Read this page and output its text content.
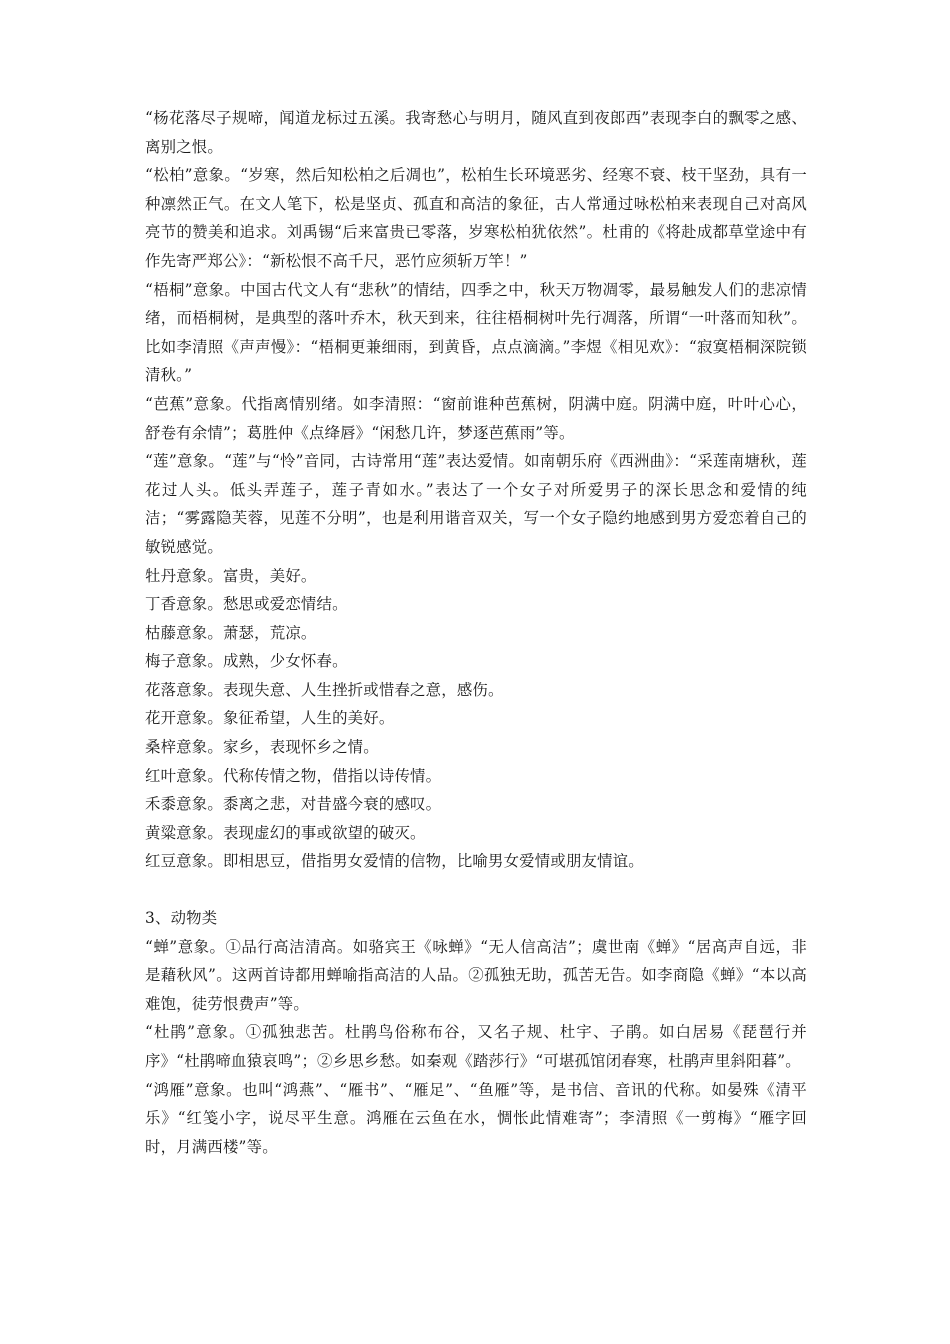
“杨花落尽子规啼，闻道龙标过五溪。我寄愁心与明月，随风直到夜郎西”表现李白的飘零之感、离别之恨。

“松柏”意象。“岁寒，然后知松柏之后凋也”，松柏生长环境恶劣、经寒不衰、枝干坚劲，具有一种凛然正气。在文人笔下，松是坚贞、孤直和高洁的象征，古人常通过咏松柏来表现自己对高风亮节的赞美和追求。刘禹锡“后来富贵已零落，岁寒松柏犹依然”。杜甫的《将赴成都草堂途中有作先寄严郑公》：“新松恨不高千尺，恶竹应须斩万竿！”

“梧桐”意象。中国古代文人有“悲秋”的情结，四季之中，秋天万物凋零，最易触发人们的悲凉情绪，而梧桐树，是典型的落叶乔木，秋天到来，往往梧桐树叶先行凋落，所谓“一叶落而知秋”。比如李清照《声声慢》：“梧桐更兼细雨，到黄昏，点点滴滴。”李煜《相见欢》：“寂寞梧桐深院锁清秋。”

“芭蕉”意象。代指离情别绪。如李清照：“窗前谁种芭蕉树，阴满中庭。阴满中庭，叶叶心心，舒卷有余情”；葛胜仲《点绛唇》“闲愁几许，梦逐芭蕉雨”等。

“莲”意象。“莲”与“怜”音同，古诗常用“莲”表达爱情。如南朝乐府《西洲曲》：“采莲南塘秋，莲花过人头。低头弄莲子，莲子青如水。”表达了一个女子对所爱男子的深长思念和爱情的纯洁；“雾露隐芙蓉，见莲不分明”，也是利用谐音双关，写一个女子隐约地感到男方爱恋着自己的敏锐感觉。

牡丹意象。富贵，美好。

丁香意象。愁思或爱恋情结。

枯藤意象。萧瑟，荒凉。

梅子意象。成熟，少女怀春。

花落意象。表现失意、人生挫折或惜春之意，感伤。

花开意象。象征希望，人生的美好。

桑梓意象。家乡，表现怀乡之情。

红叶意象。代称传情之物，借指以诗传情。

禾黍意象。黍离之悲，对昔盛今衰的感叹。

黄粱意象。表现虚幻的事或欲望的破灭。

红豆意象。即相思豆，借指男女爱情的信物，比喻男女爱情或朋友情谊。

3、动物类

“蝉”意象。①品行高洁清高。如骆宾王《咏蝉》“无人信高洁”；虞世南《蝉》“居高声自远，非是藉秋风”。这两首诗都用蝉喻指高洁的人品。②孤独无助，孤苦无告。如李商隐《蝉》“本以高难饱，徒劳恨费声”等。

“杜鹃”意象。①孤独悲苦。杜鹃鸟俗称布谷，又名子规、杜宇、子鹃。如白居易《琵琶行并序》“杜鹃啼血猿哀鸣”；②乡思乡愁。如秦观《踏莎行》“可堪孤馆闭春寒，杜鹃声里斜阳暮”。

“鸿雁”意象。也叫“鸿燕”、“雁书”、“雁足”、“鱼雁”等，是书信、音讯的代称。如晏殊《清平乐》“红笺小字，说尽平生意。鸿雁在云鱼在水，惆怅此情难寄”；李清照《一剪梅》“雁字回时，月满西楼”等。
